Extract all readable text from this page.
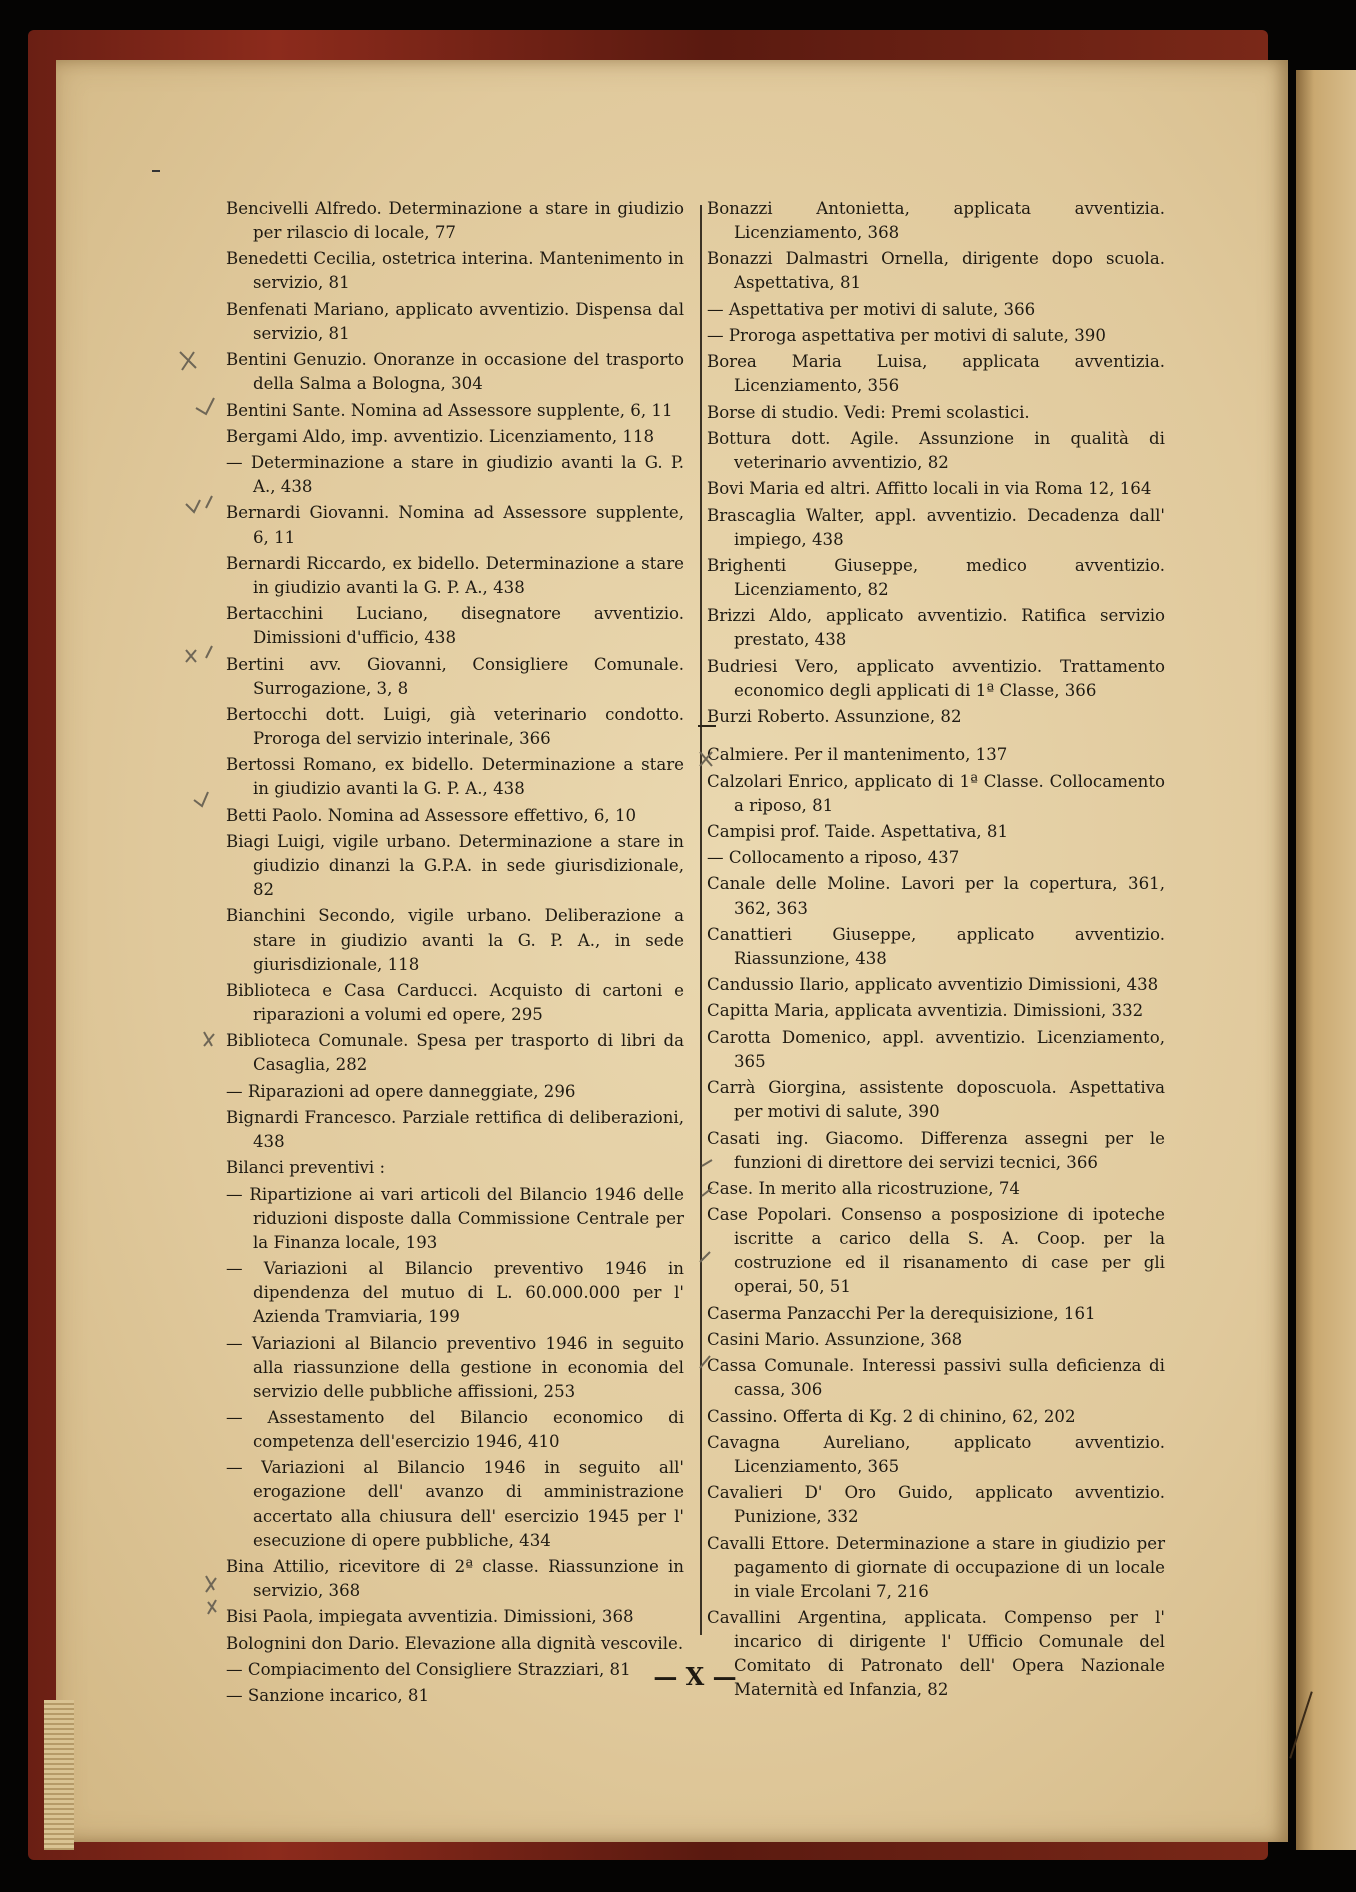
Bencivelli Alfredo. Determinazione a stare in giudizio per rilascio di locale, 77

Benedetti Cecilia, ostetrica interina. Mantenimento in servizio, 81

Benfenati Mariano, applicato avventizio. Dispensa dal servizio, 81

Bentini Genuzio. Onoranze in occasione del trasporto della Salma a Bologna, 304

Bentini Sante. Nomina ad Assessore supplente, 6, 11

Bergami Aldo, imp. avventizio. Licenziamento, 118

— Determinazione a stare in giudizio avanti la G. P. A., 438

Bernardi Giovanni. Nomina ad Assessore supplente, 6, 11

Bernardi Riccardo, ex bidello. Determinazione a stare in giudizio avanti la G. P. A., 438

Bertacchini Luciano, disegnatore avventizio. Dimissioni d'ufficio, 438

Bertini avv. Giovanni, Consigliere Comunale. Surrogazione, 3, 8

Bertocchi dott. Luigi, già veterinario condotto. Proroga del servizio interinale, 366

Bertossi Romano, ex bidello. Determinazione a stare in giudizio avanti la G. P. A., 438

Betti Paolo. Nomina ad Assessore effettivo, 6, 10

Biagi Luigi, vigile urbano. Determinazione a stare in giudizio dinanzi la G.P.A. in sede giurisdizionale, 82

Bianchini Secondo, vigile urbano. Deliberazione a stare in giudizio avanti la G. P. A., in sede giurisdizionale, 118

Biblioteca e Casa Carducci. Acquisto di cartoni e riparazioni a volumi ed opere, 295

Biblioteca Comunale. Spesa per trasporto di libri da Casaglia, 282

— Riparazioni ad opere danneggiate, 296

Bignardi Francesco. Parziale rettifica di deliberazioni, 438

Bilanci preventivi :

— Ripartizione ai vari articoli del Bilancio 1946 delle riduzioni disposte dalla Commissione Centrale per la Finanza locale, 193

— Variazioni al Bilancio preventivo 1946 in dipendenza del mutuo di L. 60.000.000 per l' Azienda Tramviaria, 199

— Variazioni al Bilancio preventivo 1946 in seguito alla riassunzione della gestione in economia del servizio delle pubbliche affissioni, 253

— Assestamento del Bilancio economico di competenza dell'esercizio 1946, 410

— Variazioni al Bilancio 1946 in seguito all' erogazione dell' avanzo di amministrazione accertato alla chiusura dell' esercizio 1945 per l' esecuzione di opere pubbliche, 434

Bina Attilio, ricevitore di 2ª classe. Riassunzione in servizio, 368

Bisi Paola, impiegata avventizia. Dimissioni, 368

Bolognini don Dario. Elevazione alla dignità vescovile.

— Compiacimento del Consigliere Strazziari, 81

— Sanzione incarico, 81

Bonazzi Antonietta, applicata avventizia. Licenziamento, 368

Bonazzi Dalmastri Ornella, dirigente dopo scuola. Aspettativa, 81

— Aspettativa per motivi di salute, 366

— Proroga aspettativa per motivi di salute, 390

Borea Maria Luisa, applicata avventizia. Licenziamento, 356

Borse di studio. Vedi: Premi scolastici.

Bottura dott. Agile. Assunzione in qualità di veterinario avventizio, 82

Bovi Maria ed altri. Affitto locali in via Roma 12, 164

Brascaglia Walter, appl. avventizio. Decadenza dall' impiego, 438

Brighenti Giuseppe, medico avventizio. Licenziamento, 82

Brizzi Aldo, applicato avventizio. Ratifica servizio prestato, 438

Budriesi Vero, applicato avventizio. Trattamento economico degli applicati di 1ª Classe, 366

Burzi Roberto. Assunzione, 82

Calmiere. Per il mantenimento, 137

Calzolari Enrico, applicato di 1ª Classe. Collocamento a riposo, 81

Campisi prof. Taide. Aspettativa, 81

— Collocamento a riposo, 437

Canale delle Moline. Lavori per la copertura, 361, 362, 363

Canattieri Giuseppe, applicato avventizio. Riassunzione, 438

Candussio Ilario, applicato avventizio Dimissioni, 438

Capitta Maria, applicata avventizia. Dimissioni, 332

Carotta Domenico, appl. avventizio. Licenziamento, 365

Carrà Giorgina, assistente doposcuola. Aspettativa per motivi di salute, 390

Casati ing. Giacomo. Differenza assegni per le funzioni di direttore dei servizi tecnici, 366

Case. In merito alla ricostruzione, 74

Case Popolari. Consenso a posposizione di ipoteche iscritte a carico della S. A. Coop. per la costruzione ed il risanamento di case per gli operai, 50, 51

Caserma Panzacchi Per la derequisizione, 161

Casini Mario. Assunzione, 368

Cassa Comunale. Interessi passivi sulla deficienza di cassa, 306

Cassino. Offerta di Kg. 2 di chinino, 62, 202

Cavagna Aureliano, applicato avventizio. Licenziamento, 365

Cavalieri D' Oro Guido, applicato avventizio. Punizione, 332

Cavalli Ettore. Determinazione a stare in giudizio per pagamento di giornate di occupazione di un locale in viale Ercolani 7, 216

Cavallini Argentina, applicata. Compenso per l' incarico di dirigente l' Ufficio Comunale del Comitato di Patronato dell' Opera Nazionale Maternità ed Infanzia, 82

— X —
